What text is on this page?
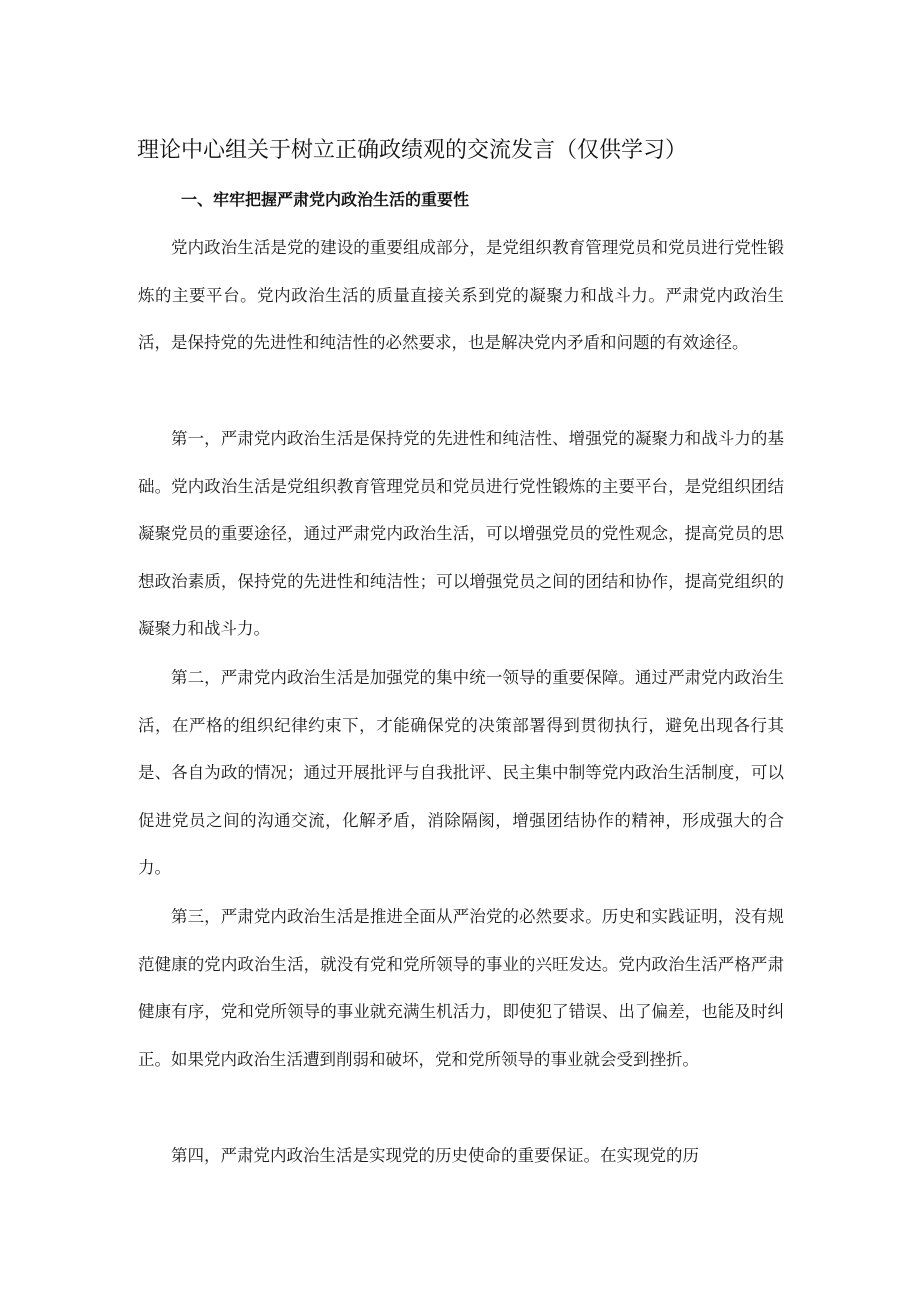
理论中心组关于树立正确政绩观的交流发言（仅供学习）
一、牢牢把握严肃党内政治生活的重要性

党内政治生活是党的建设的重要组成部分，是党组织教育管理党员和党员进行党性锻炼的主要平台。党内政治生活的质量直接关系到党的凝聚力和战斗力。严肃党内政治生活，是保持党的先进性和纯洁性的必然要求，也是解决党内矛盾和问题的有效途径。

第一，严肃党内政治生活是保持党的先进性和纯洁性、增强党的凝聚力和战斗力的基础。党内政治生活是党组织教育管理党员和党员进行党性锻炼的主要平台，是党组织团结凝聚党员的重要途径，通过严肃党内政治生活，可以增强党员的党性观念，提高党员的思想政治素质，保持党的先进性和纯洁性；可以增强党员之间的团结和协作，提高党组织的凝聚力和战斗力。

第二，严肃党内政治生活是加强党的集中统一领导的重要保障。通过严肃党内政治生活，在严格的组织纪律约束下，才能确保党的决策部署得到贯彻执行，避免出现各行其是、各自为政的情况；通过开展批评与自我批评、民主集中制等党内政治生活制度，可以促进党员之间的沟通交流，化解矛盾，消除隔阂，增强团结协作的精神，形成强大的合力。

第三，严肃党内政治生活是推进全面从严治党的必然要求。历史和实践证明，没有规范健康的党内政治生活，就没有党和党所领导的事业的兴旺发达。党内政治生活严格严肃健康有序，党和党所领导的事业就充满生机活力，即使犯了错误、出了偏差，也能及时纠正。如果党内政治生活遭到削弱和破坏，党和党所领导的事业就会受到挫折。

第四，严肃党内政治生活是实现党的历史使命的重要保证。在实现党的历
